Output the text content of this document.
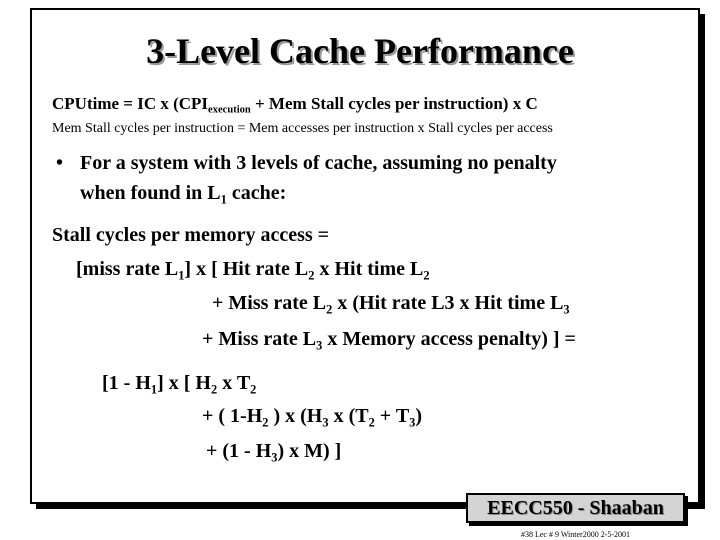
3-Level Cache Performance
CPUtime = IC x ($CPI_{execution}$ + Mem Stall cycles per instruction) x C
Mem Stall cycles per instruction = Mem accesses per instruction x Stall cycles per access
• For a system with 3 levels of cache, assuming no penalty
when found in $L_1$ cache:
Stall cycles per memory access =
[miss rate $L_1$] x [ Hit rate $L_2$ x Hit time $L_2$
+ Miss rate $L_2$ x (Hit rate L3 x Hit time $L_3$
+ Miss rate $L_3$ x Memory access penalty) ] =
$[1 - H_1]$ x [ $H_2$ x $T_2$
+ ( $1-H_2$ ) x ($H_3$ x $(T_2 + T_3)$
+ $(1 - H_3)$ x M) ]
EECC550 - Shaaban
#38 Lec # 9 Winter2000 2-5-2001
